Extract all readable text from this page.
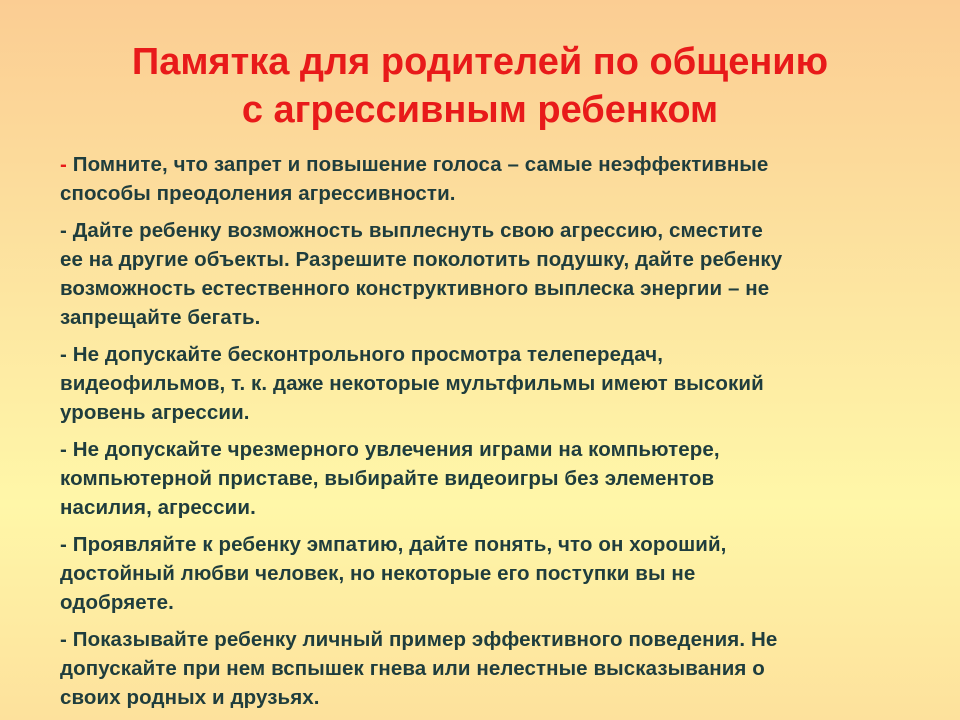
Памятка для родителей по общению
с агрессивным ребенком
- Помните, что запрет и повышение голоса – самые неэффективные
способы преодоления агрессивности.
- Дайте ребенку возможность выплеснуть свою агрессию, сместите
ее на другие объекты. Разрешите поколотить подушку, дайте ребенку
возможность естественного конструктивного выплеска энергии – не
запрещайте бегать.
- Не допускайте бесконтрольного просмотра телепередач,
видеофильмов, т. к. даже некоторые мультфильмы имеют высокий
уровень агрессии.
- Не допускайте чрезмерного увлечения играми на компьютере,
компьютерной приставе, выбирайте видеоигры без элементов
насилия, агрессии.
- Проявляйте к ребенку эмпатию, дайте понять, что он хороший,
достойный любви человек, но некоторые его поступки вы не
одобряете.
- Показывайте ребенку личный пример эффективного поведения. Не
допускайте при нем вспышек гнева или нелестные высказывания о
своих родных и друзьях.
